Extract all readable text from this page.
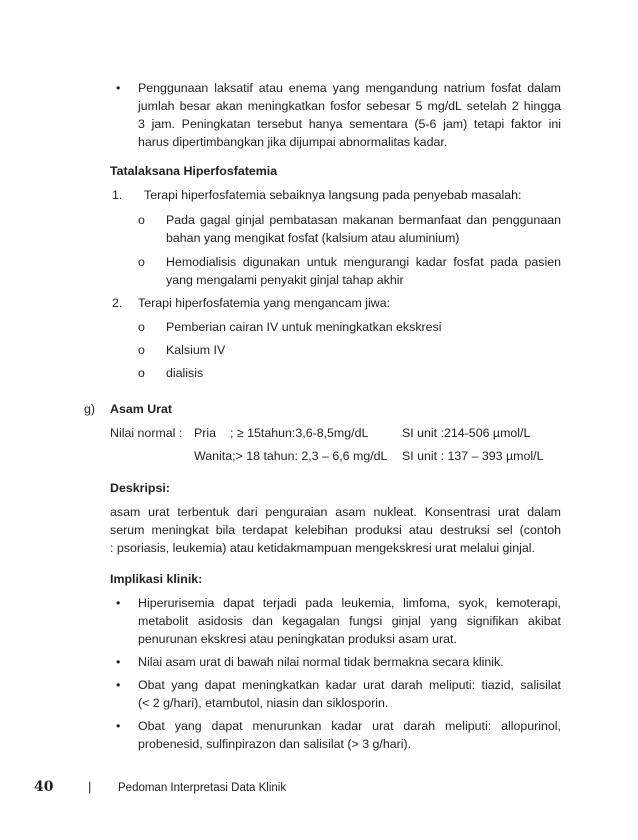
• Penggunaan laksatif atau enema yang mengandung natrium fosfat dalam
jumlah besar akan meningkatkan fosfor sebesar 5 mg/dL setelah 2 hingga
3 jam. Peningkatan tersebut hanya sementara (5-6 jam) tetapi faktor ini
harus dipertimbangkan jika dijumpai abnormalitas kadar.
Tatalaksana Hiperfosfatemia
1. Terapi hiperfosfatemia sebaiknya langsung pada penyebab masalah:
o Pada gagal ginjal pembatasan makanan bermanfaat dan penggunaan
bahan yang mengikat fosfat (kalsium atau aluminium)
o Hemodialisis digunakan untuk mengurangi kadar fosfat pada pasien
yang mengalami penyakit ginjal tahap akhir
2. Terapi hiperfosfatemia yang mengancam jiwa:
o Pemberian cairan IV untuk meningkatkan ekskresi
o Kalsium IV
o dialisis
g) Asam Urat
Nilai normal : Pria ; ≥ 15tahun:3,6-8,5mg/dL	SI unit :214-506 µmol/L
Wanita;> 18 tahun: 2,3 – 6,6 mg/dL SI unit : 137 – 393 µmol/L
Deskripsi:
asam urat terbentuk dari penguraian asam nukleat. Konsentrasi urat dalam
serum meningkat bila terdapat kelebihan produksi atau destruksi sel (contoh
: psoriasis, leukemia) atau ketidakmampuan mengekskresi urat melalui ginjal.
Implikasi klinik:
• Hiperurisemia dapat terjadi pada leukemia, limfoma, syok, kemoterapi,
metabolit asidosis dan kegagalan fungsi ginjal yang signifikan akibat
penurunan ekskresi atau peningkatan produksi asam urat.
• Nilai asam urat di bawah nilai normal tidak bermakna secara klinik.
• Obat yang dapat meningkatkan kadar urat darah meliputi: tiazid, salisilat
(< 2 g/hari), etambutol, niasin dan siklosporin.
• Obat yang dapat menurunkan kadar urat darah meliputi: allopurinol,
probenesid, sulfinpirazon dan salisilat (> 3 g/hari).
40	| Pedoman Interpretasi Data Klinik
